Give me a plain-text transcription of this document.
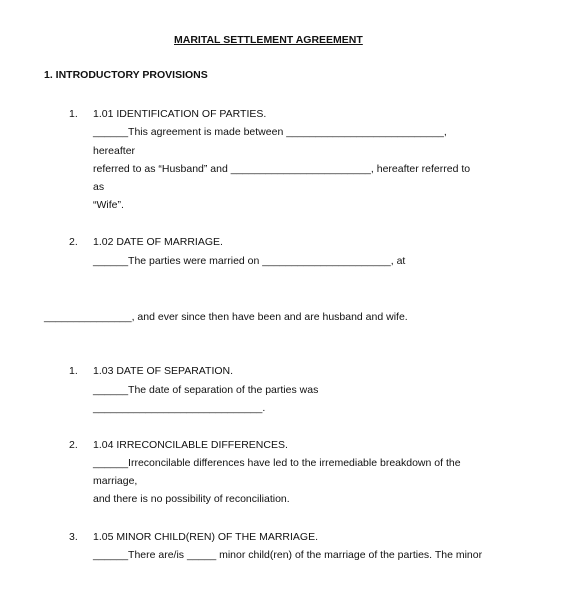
MARITAL SETTLEMENT AGREEMENT
1. INTRODUCTORY PROVISIONS
1. 1.01 IDENTIFICATION OF PARTIES.
______This agreement is made between ___________________________,
hereafter
referred to as “Husband” and ________________________, hereafter referred to
as
“Wife”.
2. 1.02 DATE OF MARRIAGE.
______The parties were married on ______________________, at
_______________, and ever since then have been and are husband and wife.
1. 1.03 DATE OF SEPARATION.
______The date of separation of the parties was
_____________________________.
2. 1.04 IRRECONCILABLE DIFFERENCES.
______Irreconcilable differences have led to the irremediable breakdown of the
marriage,
and there is no possibility of reconciliation.
3. 1.05 MINOR CHILD(REN) OF THE MARRIAGE.
______There are/is _____ minor child(ren) of the marriage of the parties. The minor
